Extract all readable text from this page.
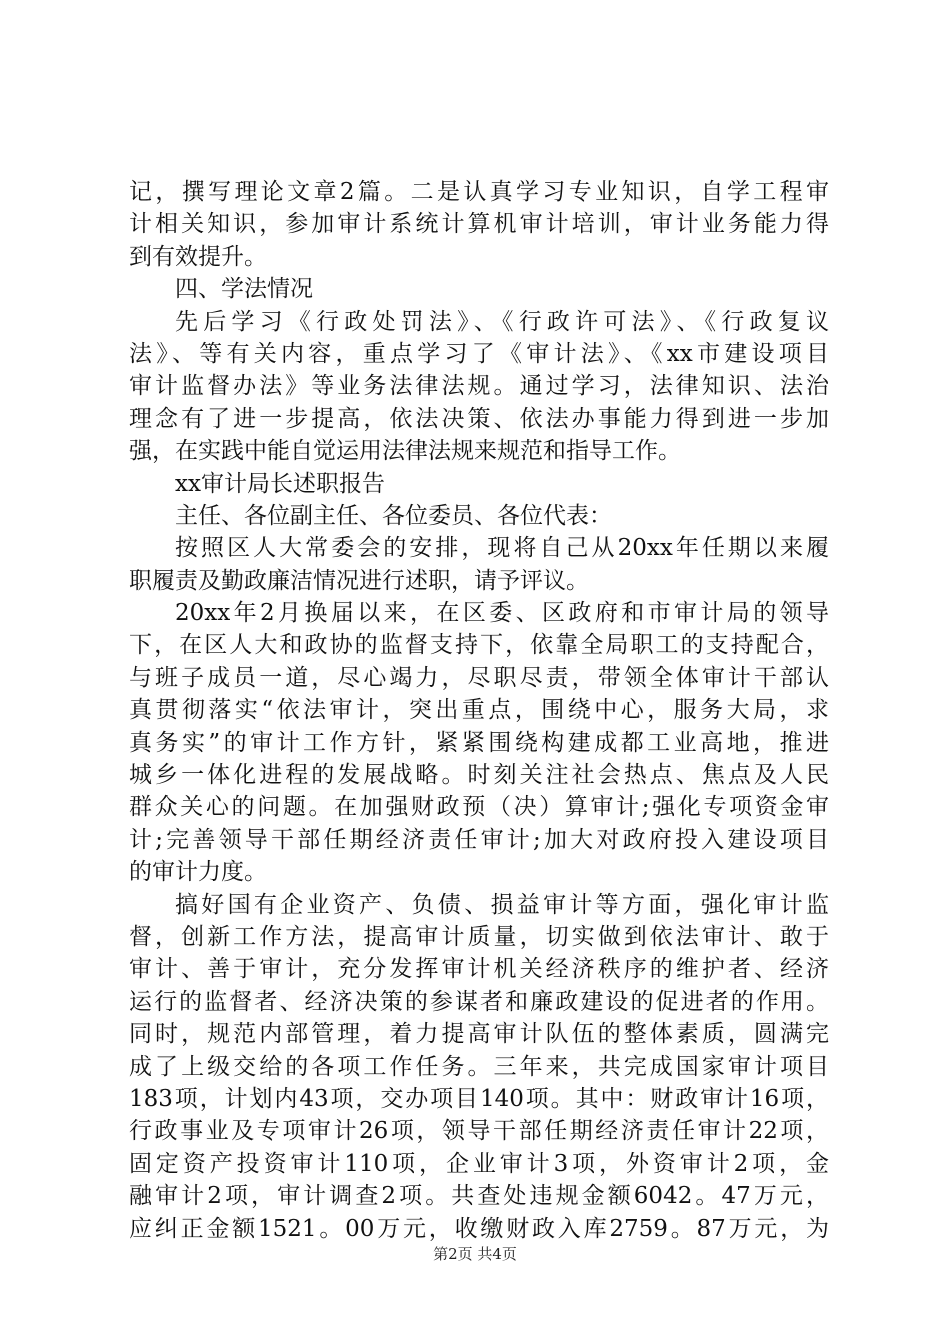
记，撰写理论文章2篇。二是认真学习专业知识，自学工程审
计相关知识，参加审计系统计算机审计培训，审计业务能力得
到有效提升。
四、学法情况
先后学习《行政处罚法》、《行政许可法》、《行政复议
法》、等有关内容，重点学习了《审计法》、《xx市建设项目
审计监督办法》等业务法律法规。通过学习，法律知识、法治
理念有了进一步提高，依法决策、依法办事能力得到进一步加
强，在实践中能自觉运用法律法规来规范和指导工作。
xx审计局长述职报告
主任、各位副主任、各位委员、各位代表：
按照区人大常委会的安排，现将自己从20xx年任期以来履
职履责及勤政廉洁情况进行述职，请予评议。
20xx年2月换届以来，在区委、区政府和市审计局的领导
下，在区人大和政协的监督支持下，依靠全局职工的支持配合，
与班子成员一道，尽心竭力，尽职尽责，带领全体审计干部认
真贯彻落实“依法审计，突出重点，围绕中心，服务大局，求
真务实”的审计工作方针，紧紧围绕构建成都工业高地，推进
城乡一体化进程的发展战略。时刻关注社会热点、焦点及人民
群众关心的问题。在加强财政预（决）算审计;强化专项资金审
计;完善领导干部任期经济责任审计;加大对政府投入建设项目
的审计力度。
搞好国有企业资产、负债、损益审计等方面，强化审计监
督，创新工作方法，提高审计质量，切实做到依法审计、敢于
审计、善于审计，充分发挥审计机关经济秩序的维护者、经济
运行的监督者、经济决策的参谋者和廉政建设的促进者的作用。
同时，规范内部管理，着力提高审计队伍的整体素质，圆满完
成了上级交给的各项工作任务。三年来，共完成国家审计项目
183项，计划内43项，交办项目140项。其中：财政审计16项，
行政事业及专项审计26项，领导干部任期经济责任审计22项，
固定资产投资审计110项，企业审计3项，外资审计2项，金
融审计2项，审计调查2项。共查处违规金额6042。47万元，
应纠正金额1521。00万元，收缴财政入库2759。87万元，为
第2页 共4页
